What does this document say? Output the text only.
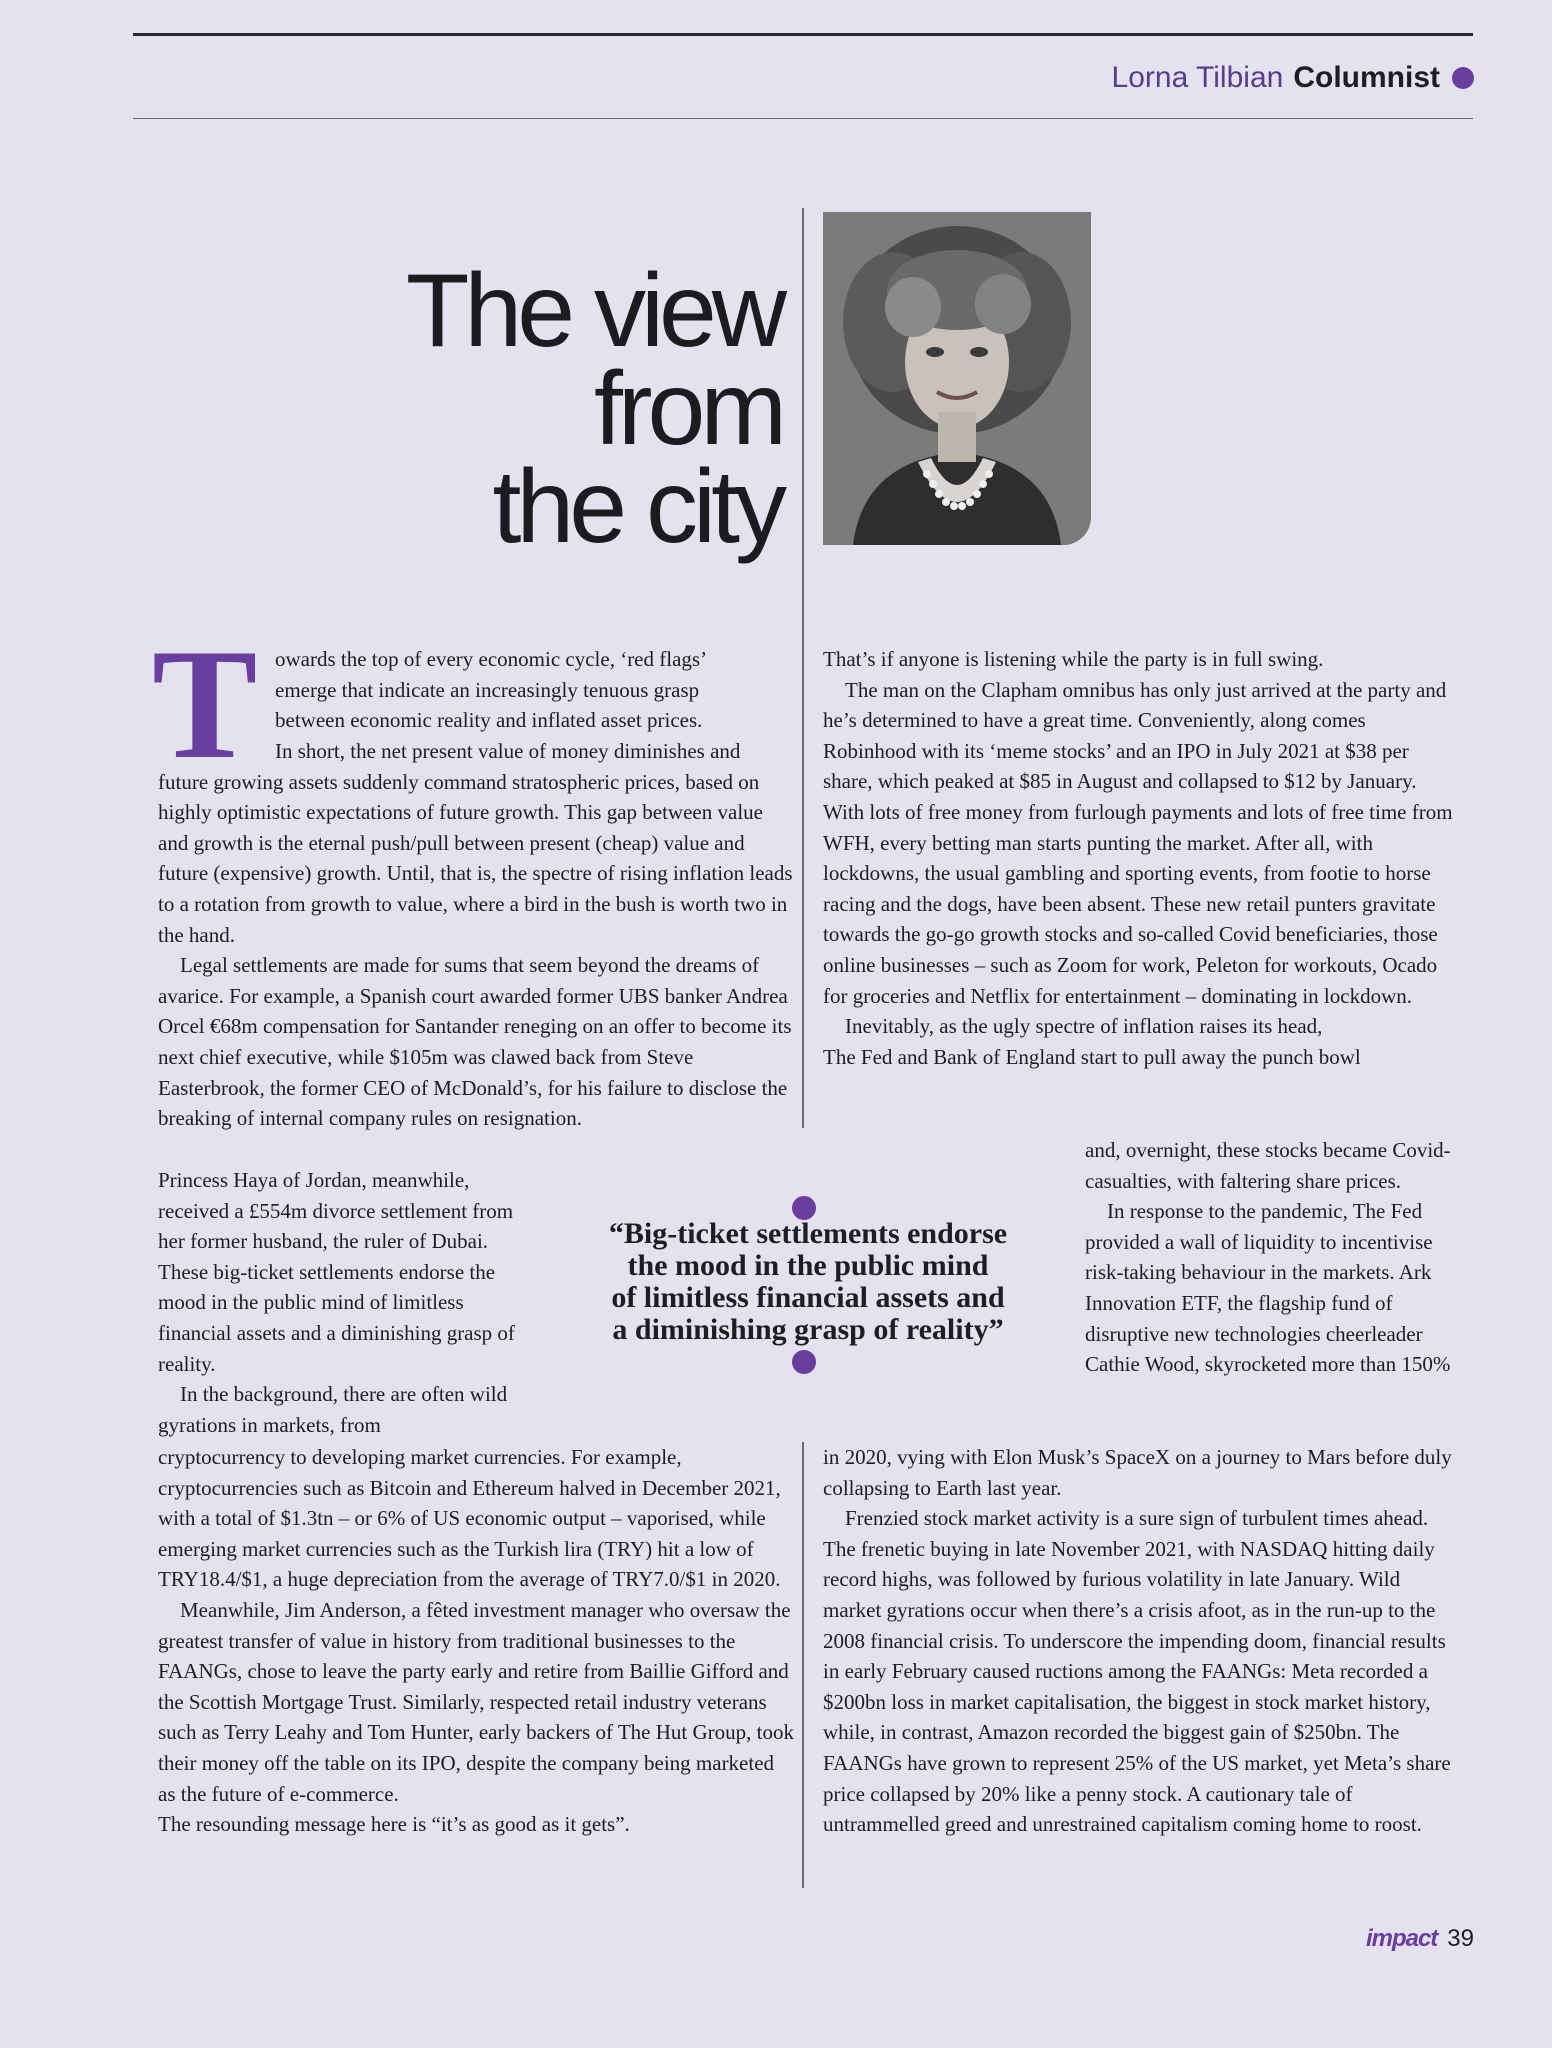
Lorna Tilbian Columnist
The view
from
the city
T owards the top of every economic cycle, ‘red flags’

emerge that indicate an increasingly tenuous grasp

between economic reality and inflated asset prices.

In short, the net present value of money diminishes and future growing assets suddenly command stratospheric prices, based on highly optimistic expectations of future growth. This gap between value and growth is the eternal push/pull between present (cheap) value and future (expensive) growth. Until, that is, the spectre of rising inflation leads to a rotation from growth to value, where a bird in the bush is worth two in the hand.

Legal settlements are made for sums that seem beyond the dreams of avarice. For example, a Spanish court awarded former UBS banker Andrea Orcel €68m compensation for Santander reneging on an offer to become its next chief executive, while $105m was clawed back from Steve Easterbrook, the former CEO of McDonald’s, for his failure to disclose the breaking of internal company rules on resignation.

Princess Haya of Jordan, meanwhile, received a £554m divorce settlement from her former husband, the ruler of Dubai. These big-ticket settlements endorse the mood in the public mind of limitless financial assets and a diminishing grasp of reality.

In the background, there are often wild gyrations in markets, from

cryptocurrency to developing market currencies. For example, cryptocurrencies such as Bitcoin and Ethereum halved in December 2021, with a total of $1.3tn – or 6% of US economic output – vaporised, while emerging market currencies such as the Turkish lira (TRY) hit a low of TRY18.4/$1, a huge depreciation from the average of TRY7.0/$1 in 2020.

Meanwhile, Jim Anderson, a fêted investment manager who oversaw the greatest transfer of value in history from traditional businesses to the FAANGs, chose to leave the party early and retire from Baillie Gifford and the Scottish Mortgage Trust. Similarly, respected retail industry veterans such as Terry Leahy and Tom Hunter, early backers of The Hut Group, took their money off the table on its IPO, despite the company being marketed as the future of e-commerce.

The resounding message here is “it’s as good as it gets”.

That’s if anyone is listening while the party is in full swing.

The man on the Clapham omnibus has only just arrived at the party and he’s determined to have a great time. Conveniently, along comes Robinhood with its ‘meme stocks’ and an IPO in July 2021 at $38 per share, which peaked at $85 in August and collapsed to $12 by January. With lots of free money from furlough payments and lots of free time from WFH, every betting man starts punting the market. After all, with lockdowns, the usual gambling and sporting events, from footie to horse racing and the dogs, have been absent. These new retail punters gravitate towards the go-go growth stocks and so-called Covid beneficiaries, those online businesses – such as Zoom for work, Peleton for workouts, Ocado for groceries and Netflix for entertainment – dominating in lockdown.

Inevitably, as the ugly spectre of inflation raises its head,

The Fed and Bank of England start to pull away the punch bowl

and, overnight, these stocks became Covid-casualties, with faltering share prices.

In response to the pandemic, The Fed provided a wall of liquidity to incentivise risk-taking behaviour in the markets. Ark Innovation ETF, the flagship fund of disruptive new technologies cheerleader Cathie Wood, skyrocketed more than 150%

in 2020, vying with Elon Musk’s SpaceX on a journey to Mars before duly collapsing to Earth last year.

Frenzied stock market activity is a sure sign of turbulent times ahead. The frenetic buying in late November 2021, with NASDAQ hitting daily record highs, was followed by furious volatility in late January. Wild market gyrations occur when there’s a crisis afoot, as in the run-up to the 2008 financial crisis. To underscore the impending doom, financial results in early February caused ructions among the FAANGs: Meta recorded a $200bn loss in market capitalisation, the biggest in stock market history, while, in contrast, Amazon recorded the biggest gain of $250bn. The FAANGs have grown to represent 25% of the US market, yet Meta’s share price collapsed by 20% like a penny stock. A cautionary tale of untrammelled greed and unrestrained capitalism coming home to roost.

“Big-ticket settlements endorse
the mood in the public mind
of limitless financial assets and
a diminishing grasp of reality”
impact 39
